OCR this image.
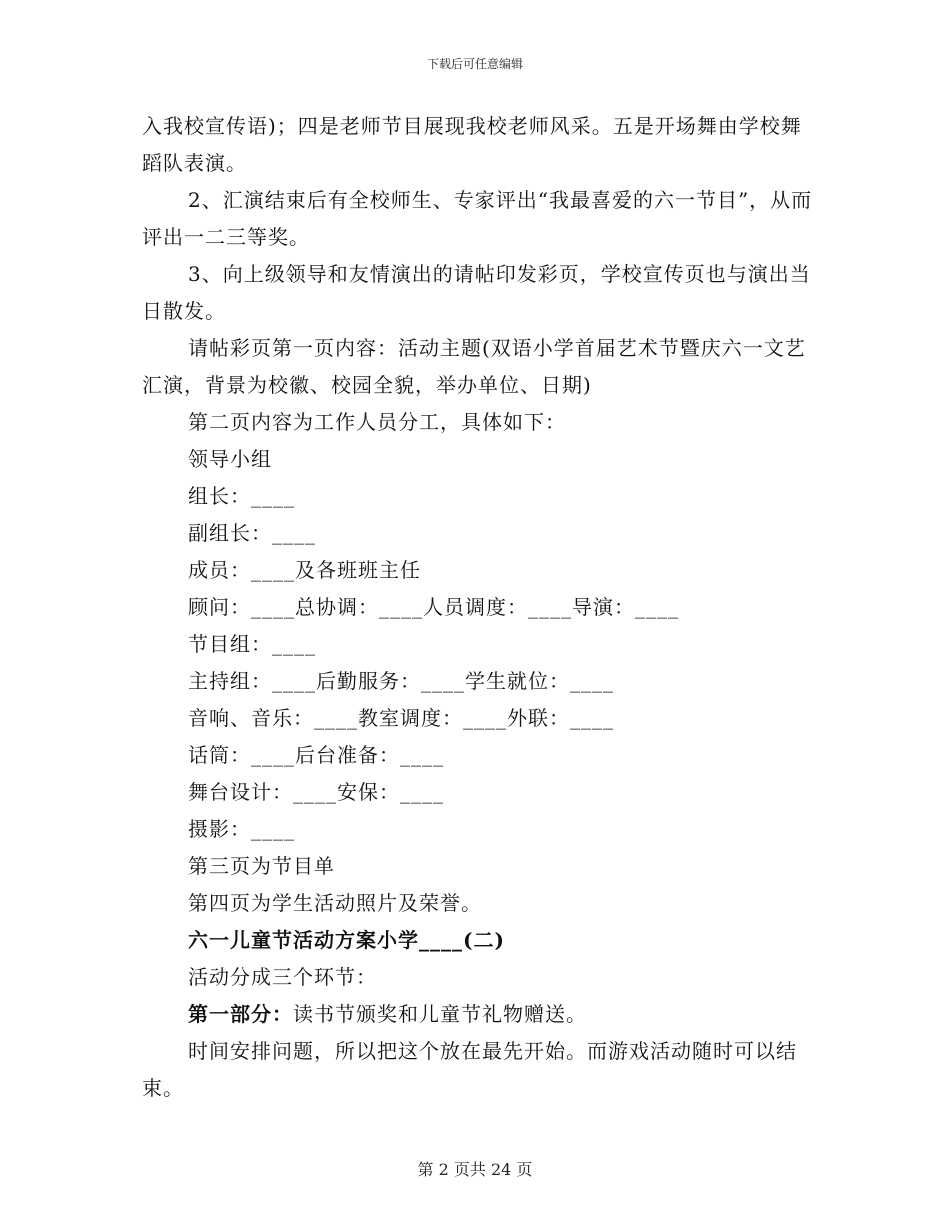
下载后可任意编辑

入我校宣传语)；四是老师节目展现我校老师风采。五是开场舞由学校舞蹈队表演。

2、汇演结束后有全校师生、专家评出“我最喜爱的六一节目”，从而评出一二三等奖。

3、向上级领导和友情演出的请帖印发彩页，学校宣传页也与演出当日散发。

请帖彩页第一页内容：活动主题(双语小学首届艺术节暨庆六一文艺汇演，背景为校徽、校园全貌，举办单位、日期)

第二页内容为工作人员分工，具体如下：

领导小组

组长：____

副组长：____

成员：____及各班班主任

顾问：____总协调：____人员调度：____导演：____

节目组：____

主持组：____后勤服务：____学生就位：____

音响、音乐：____教室调度：____外联：____

话筒：____后台准备：____

舞台设计：____安保：____

摄影：____

第三页为节目单

第四页为学生活动照片及荣誉。

六一儿童节活动方案小学____(二)

活动分成三个环节：

第一部分：读书节颁奖和儿童节礼物赠送。

时间安排问题，所以把这个放在最先开始。而游戏活动随时可以结束。

第 2 页共 24 页
